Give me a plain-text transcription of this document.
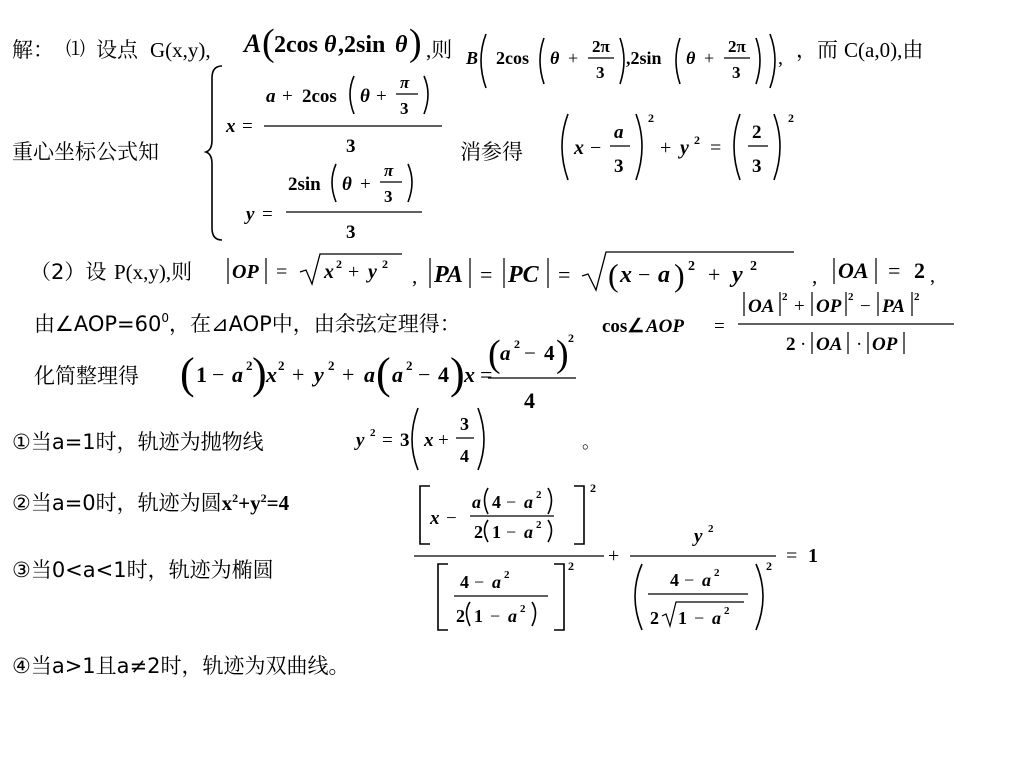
解： ⑴ 设点 G(x,y), A ( 2cos θ ,2sin θ ) ,则 B 2cos θ +
2π
3
,2sin θ +
2π
3
, ，而 C(a,0),由
重心坐标公式知
x =
a + 2cos θ +
π
3
3
y =
2sin θ +
π
3
3
消参得	x −
a
3
2
+ y 2 =
2
3
2
（2）设 P(x,y),则 OP = x 2 + y 2 , PA = PC = ( x − a ) 2 + y 2	, OA = 2 ,
由$\angle AOP=60^0$，在⊿AOP中，由余弦定理得：	cos∠ AOP =
OA 2 + OP 2 − PA 2
2 · OA · OP
化简整理得 ( 1 − a 2 ) x 2 + y 2 + a ( a 2 − 4 ) x =
( a 2 − 4 ) 2
4
①当a=1时，轨迹为抛物线	y 2 = 3 x +
3
4
。
②当a=0时，轨迹为圆$x^2+y^2=4$
③当0<a<1时，轨迹为椭圆
x −
a 4 − a 2
2 1 − a 2
2
4 − a 2
2 1 − a 2
2 +
y 2
4 − a 2
2 1 − a 2
2 = 1
④当a>1且a≠2时，轨迹为双曲线。
